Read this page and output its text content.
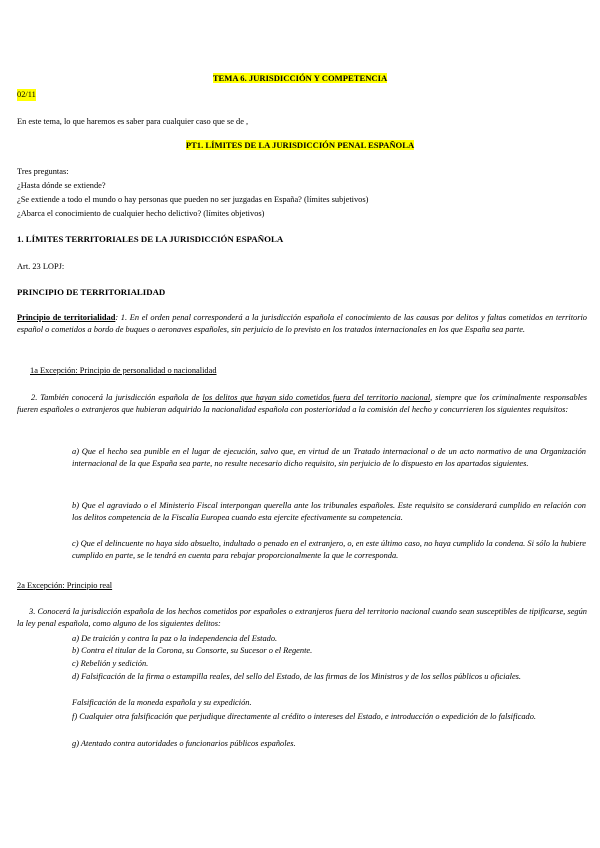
TEMA 6. JURISDICCIÓN Y COMPETENCIA
02/11
En este tema, lo que haremos es saber para cualquier caso que se de ,
PT1. LÍMITES DE LA JURISDICCIÓN PENAL ESPAÑOLA
Tres preguntas:
¿Hasta dónde se extiende?
¿Se extiende a todo el mundo o hay personas que pueden no ser juzgadas en España? (límites subjetivos)
¿Abarca el conocimiento de cualquier hecho delictivo? (límites objetivos)
1. LÍMITES TERRITORIALES DE LA JURISDICCIÓN ESPAÑOLA
Art. 23 LOPJ:
PRINCIPIO DE TERRITORIALIDAD
Principio de territorialidad: 1. En el orden penal corresponderá a la jurisdicción española el conocimiento de las causas por delitos y faltas cometidos en territorio español o cometidos a bordo de buques o aeronaves españoles, sin perjuicio de lo previsto en los tratados internacionales en los que España sea parte.
1a Excepción: Principio de personalidad o nacionalidad
2. También conocerá la jurisdicción española de los delitos que hayan sido cometidos fuera del territorio nacional, siempre que los criminalmente responsables fueren españoles o extranjeros que hubieran adquirido la nacionalidad española con posterioridad a la comisión del hecho y concurrieren los siguientes requisitos:
a) Que el hecho sea punible en el lugar de ejecución, salvo que, en virtud de un Tratado internacional o de un acto normativo de una Organización internacional de la que España sea parte, no resulte necesario dicho requisito, sin perjuicio de lo dispuesto en los apartados siguientes.
b) Que el agraviado o el Ministerio Fiscal interpongan querella ante los tribunales españoles. Este requisito se considerará cumplido en relación con los delitos competencia de la Fiscalía Europea cuando esta ejercite efectivamente su competencia.
c) Que el delincuente no haya sido absuelto, indultado o penado en el extranjero, o, en este último caso, no haya cumplido la condena. Si sólo la hubiere cumplido en parte, se le tendrá en cuenta para rebajar proporcionalmente la que le corresponda.
2a Excepción: Principio real
3. Conocerá la jurisdicción española de los hechos cometidos por españoles o extranjeros fuera del territorio nacional cuando sean susceptibles de tipificarse, según la ley penal española, como alguno de los siguientes delitos:
a) De traición y contra la paz o la independencia del Estado.
b) Contra el titular de la Corona, su Consorte, su Sucesor o el Regente.
c) Rebelión y sedición.
d) Falsificación de la firma o estampilla reales, del sello del Estado, de las firmas de los Ministros y de los sellos públicos u oficiales.
Falsificación de la moneda española y su expedición.
f) Cualquier otra falsificación que perjudique directamente al crédito o intereses del Estado, e introducción o expedición de lo falsificado.
g) Atentado contra autoridades o funcionarios públicos españoles.
